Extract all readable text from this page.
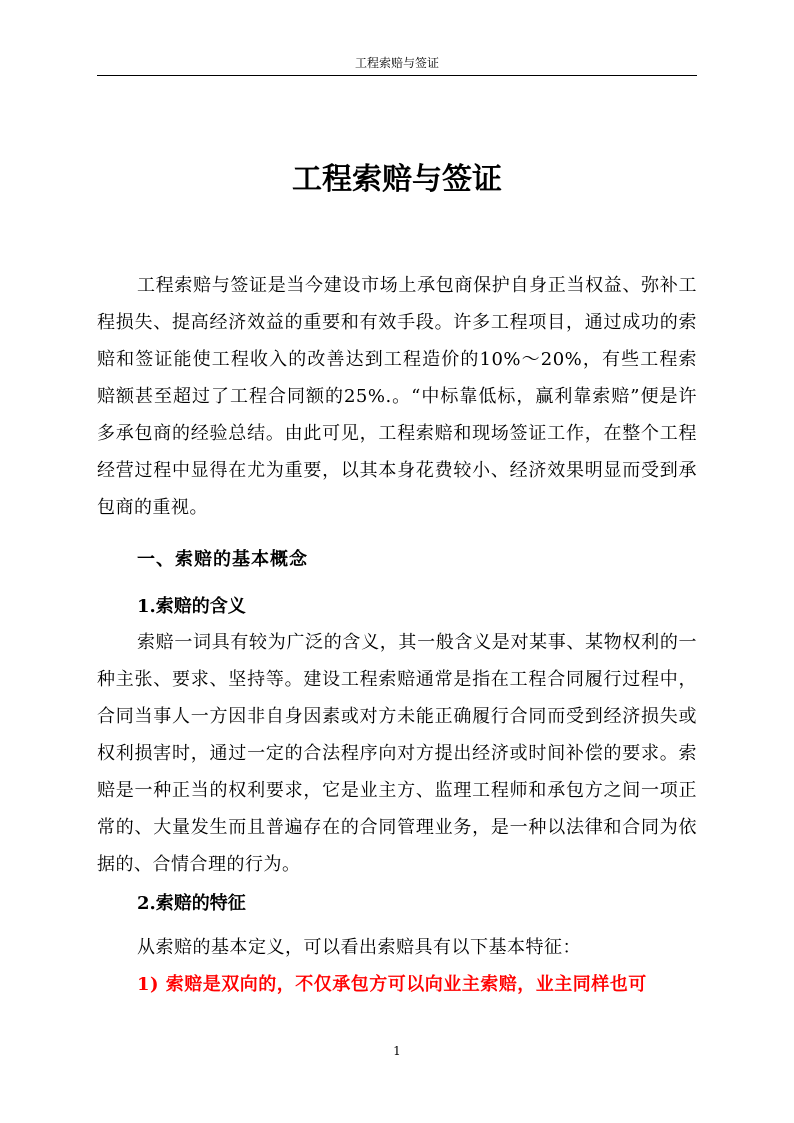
工程索赔与签证
工程索赔与签证

工程索赔与签证是当今建设市场上承包商保护自身正当权益、弥补工程损失、提高经济效益的重要和有效手段。许多工程项目，通过成功的索赔和签证能使工程收入的改善达到工程造价的10%～20%，有些工程索赔额甚至超过了工程合同额的25%.。“中标靠低标，赢利靠索赔”便是许多承包商的经验总结。由此可见，工程索赔和现场签证工作，在整个工程经营过程中显得在尤为重要，以其本身花费较小、经济效果明显而受到承包商的重视。

一、索赔的基本概念
1.索赔的含义

索赔一词具有较为广泛的含义，其一般含义是对某事、某物权利的一种主张、要求、坚持等。建设工程索赔通常是指在工程合同履行过程中，合同当事人一方因非自身因素或对方未能正确履行合同而受到经济损失或权利损害时，通过一定的合法程序向对方提出经济或时间补偿的要求。索赔是一种正当的权利要求，它是业主方、监理工程师和承包方之间一项正常的、大量发生而且普遍存在的合同管理业务，是一种以法律和合同为依据的、合情合理的行为。

2.索赔的特征

从索赔的基本定义，可以看出索赔具有以下基本特征：

1) 索赔是双向的，不仅承包方可以向业主索赔，业主同样也可

1
